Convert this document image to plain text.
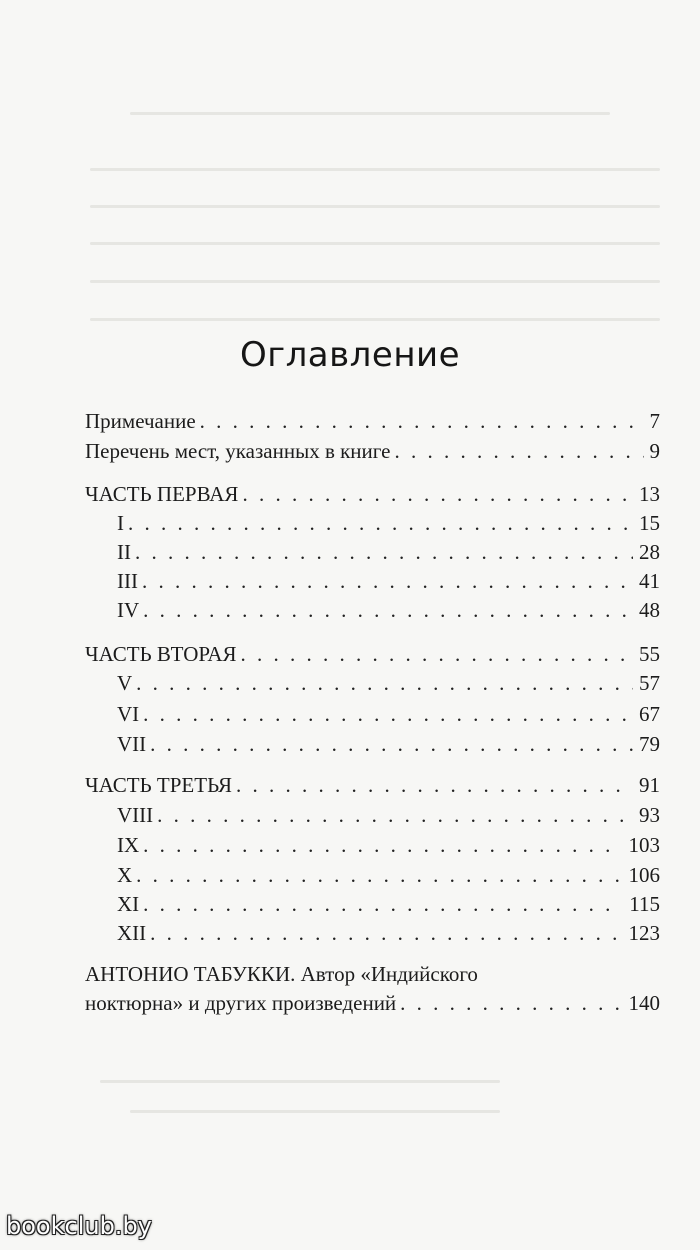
Оглавление
Примечание . . .	7
Перечень мест, указанных в книге . . .	9
ЧАСТЬ ПЕРВАЯ . . .	13
I . . .	15
II . . .	28
III . . .	41
IV . . .	48
ЧАСТЬ ВТОРАЯ . . .	55
V . . .	57
VI . . .	67
VII . . .	79
ЧАСТЬ ТРЕТЬЯ . . .	91
VIII . . .	93
IX . . .	103
X . . .	106
XI . . .	115
XII . . .	123
АНТОНИО ТАБУККИ. Автор «Индийского
ноктюрна» и других произведений . . .	140
bookclub.by
